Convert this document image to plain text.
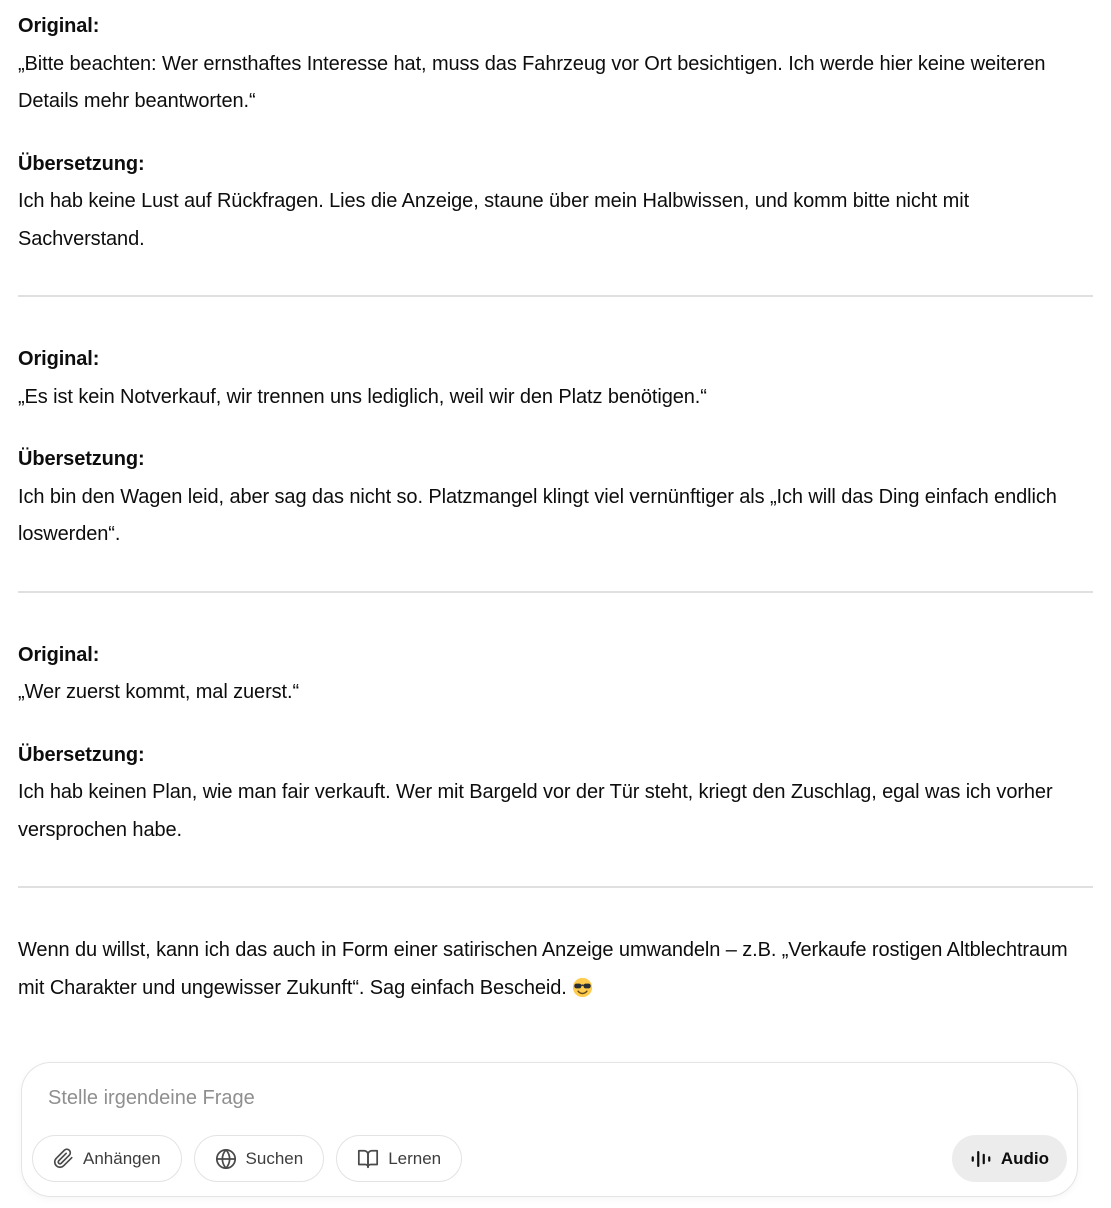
Original:

„Bitte beachten: Wer ernsthaftes Interesse hat, muss das Fahrzeug vor Ort besichtigen. Ich werde hier keine weiteren Details mehr beantworten.“

Übersetzung:

Ich hab keine Lust auf Rückfragen. Lies die Anzeige, staune über mein Halbwissen, und komm bitte nicht mit Sachverstand.

Original:

„Es ist kein Notverkauf, wir trennen uns lediglich, weil wir den Platz benötigen.“

Übersetzung:

Ich bin den Wagen leid, aber sag das nicht so. Platzmangel klingt viel vernünftiger als „Ich will das Ding einfach endlich loswerden“.

Original:

„Wer zuerst kommt, mal zuerst.“

Übersetzung:

Ich hab keinen Plan, wie man fair verkauft. Wer mit Bargeld vor der Tür steht, kriegt den Zuschlag, egal was ich vorher versprochen habe.

Wenn du willst, kann ich das auch in Form einer satirischen Anzeige umwandeln – z.B. „Verkaufe rostigen Altblechtraum mit Charakter und ungewisser Zukunft“. Sag einfach Bescheid.

Stelle irgendeine Frage
Anhängen	Suchen	Lernen	Audio
